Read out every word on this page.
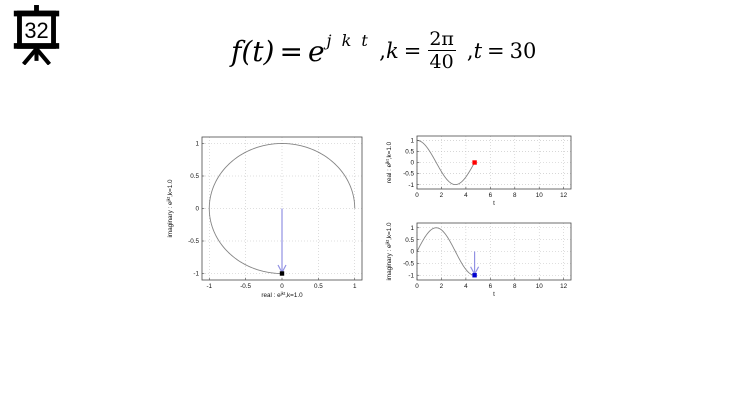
32
f(t) = e j k t , $k = \frac{2\pi}{40}$ , t = 30
-1	-0.5	0	0.5	1
-1
-0.5
0
0.5
1
real : $e^{jkt},k=1.0$
imaginary : $e^{jkt},k=1.0$	0	2	4	6	8	10	12
-1
-0.5
0
0.5
1
t
real : $e^{jkt},k=1.0$
0	2	4	6	8	10	12
-1
-0.5
0
0.5
1
t
imaginary : $e^{jkt},k=1.0$
